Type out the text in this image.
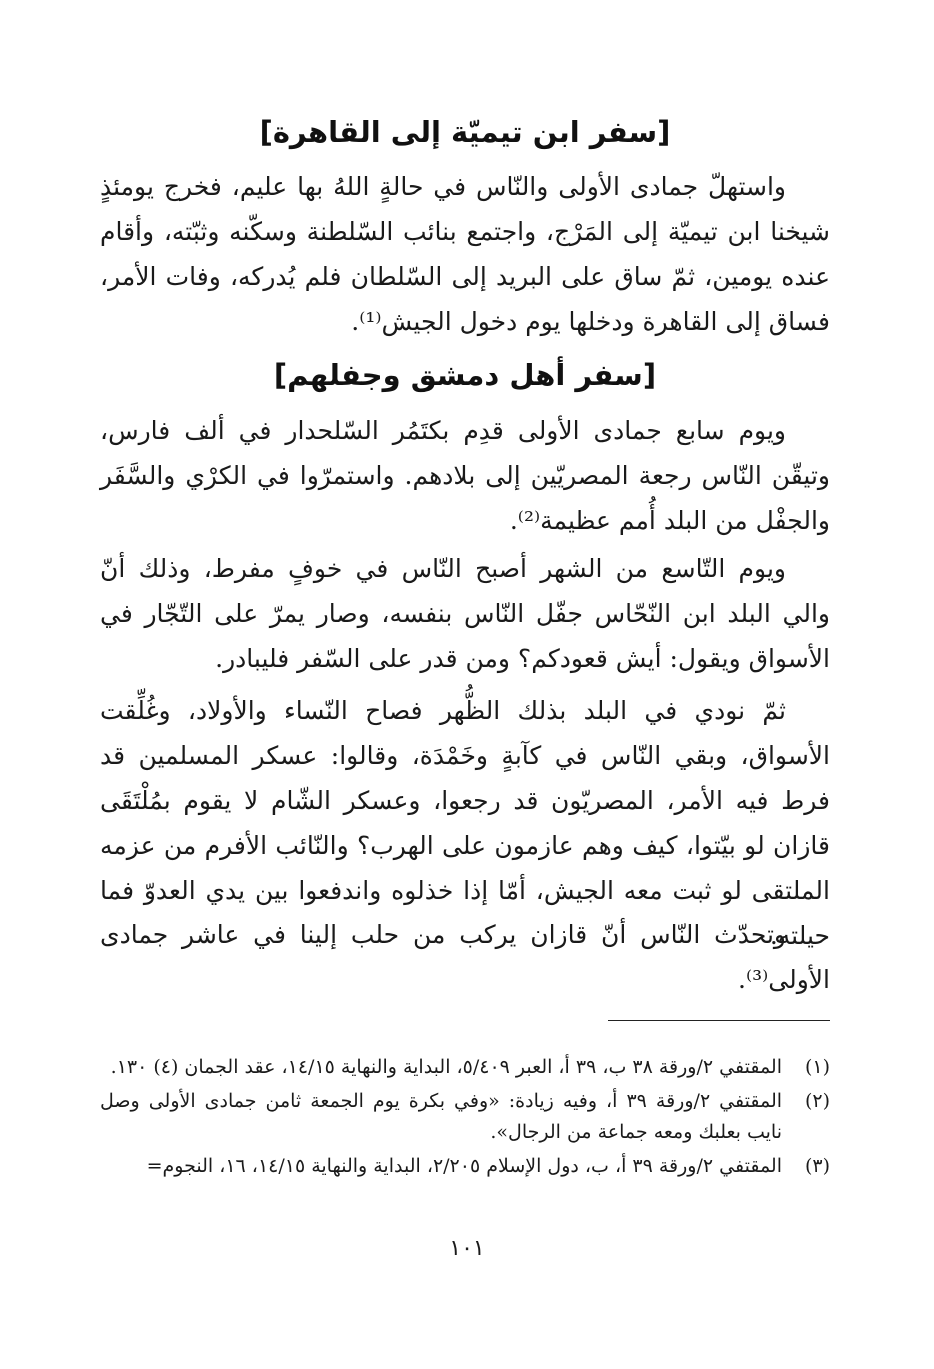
[سفر ابن تيميّة إلى القاهرة]

واستهلّ جمادى الأولى والنّاس في حالةٍ اللهُ بها عليم، فخرج يومئذٍ شيخنا ابن تيميّة إلى المَرْج، واجتمع بنائب السّلطنة وسكّنه وثبّته، وأقام عنده يومين، ثمّ ساق على البريد إلى السّلطان فلم يُدركه، وفات الأمر، فساق إلى القاهرة ودخلها يوم دخول الجيش⁽¹⁾.

[سفر أهل دمشق وجفلهم]

ويوم سابع جمادى الأولى قدِم بكتَمُر السّلحدار في ألف فارس، وتيقّن النّاس رجعة المصريّين إلى بلادهم. واستمرّوا في الكرْي والسَّفَر والجفْل من البلد أُمم عظيمة⁽²⁾.

ويوم التّاسع من الشهر أصبح النّاس في خوفٍ مفرط، وذلك أنّ والي البلد ابن النّحّاس جفّل النّاس بنفسه، وصار يمرّ على التّجّار في الأسواق ويقول: أيش قعودكم؟ ومن قدر على السّفر فليبادر.

ثمّ نودي في البلد بذلك الظُّهر فصاح النّساء والأولاد، وغُلِّقت الأسواق، وبقي النّاس في كآبةٍ وخَمْدَة، وقالوا: عسكر المسلمين قد فرط فيه الأمر، المصريّون قد رجعوا، وعسكر الشّام لا يقوم بمُلْتَقَى قازان لو بيّتوا، كيف وهم عازمون على الهرب؟ والنّائب الأفرم من عزمه الملتقى لو ثبت معه الجيش، أمّا إذا خذلوه واندفعوا بين يدي العدوّ فما حيلته.

وتحدّث النّاس أنّ قازان يركب من حلب إلينا في عاشر جمادى الأولى⁽³⁾.

(١)
المقتفي ٢/ورقة ٣٨ ب، ٣٩ أ، العبر ٥/٤٠٩، البداية والنهاية ١٤/١٥، عقد الجمان (٤) ١٣٠.
(٢)
المقتفي ٢/ورقة ٣٩ أ، وفيه زيادة: «وفي بكرة يوم الجمعة ثامن جمادى الأولى وصل نايب بعلبك ومعه جماعة من الرجال».
(٣)
المقتفي ٢/ورقة ٣٩ أ، ب، دول الإسلام ٢/٢٠٥، البداية والنهاية ١٤/١٥، ١٦، النجوم=
١٠١
